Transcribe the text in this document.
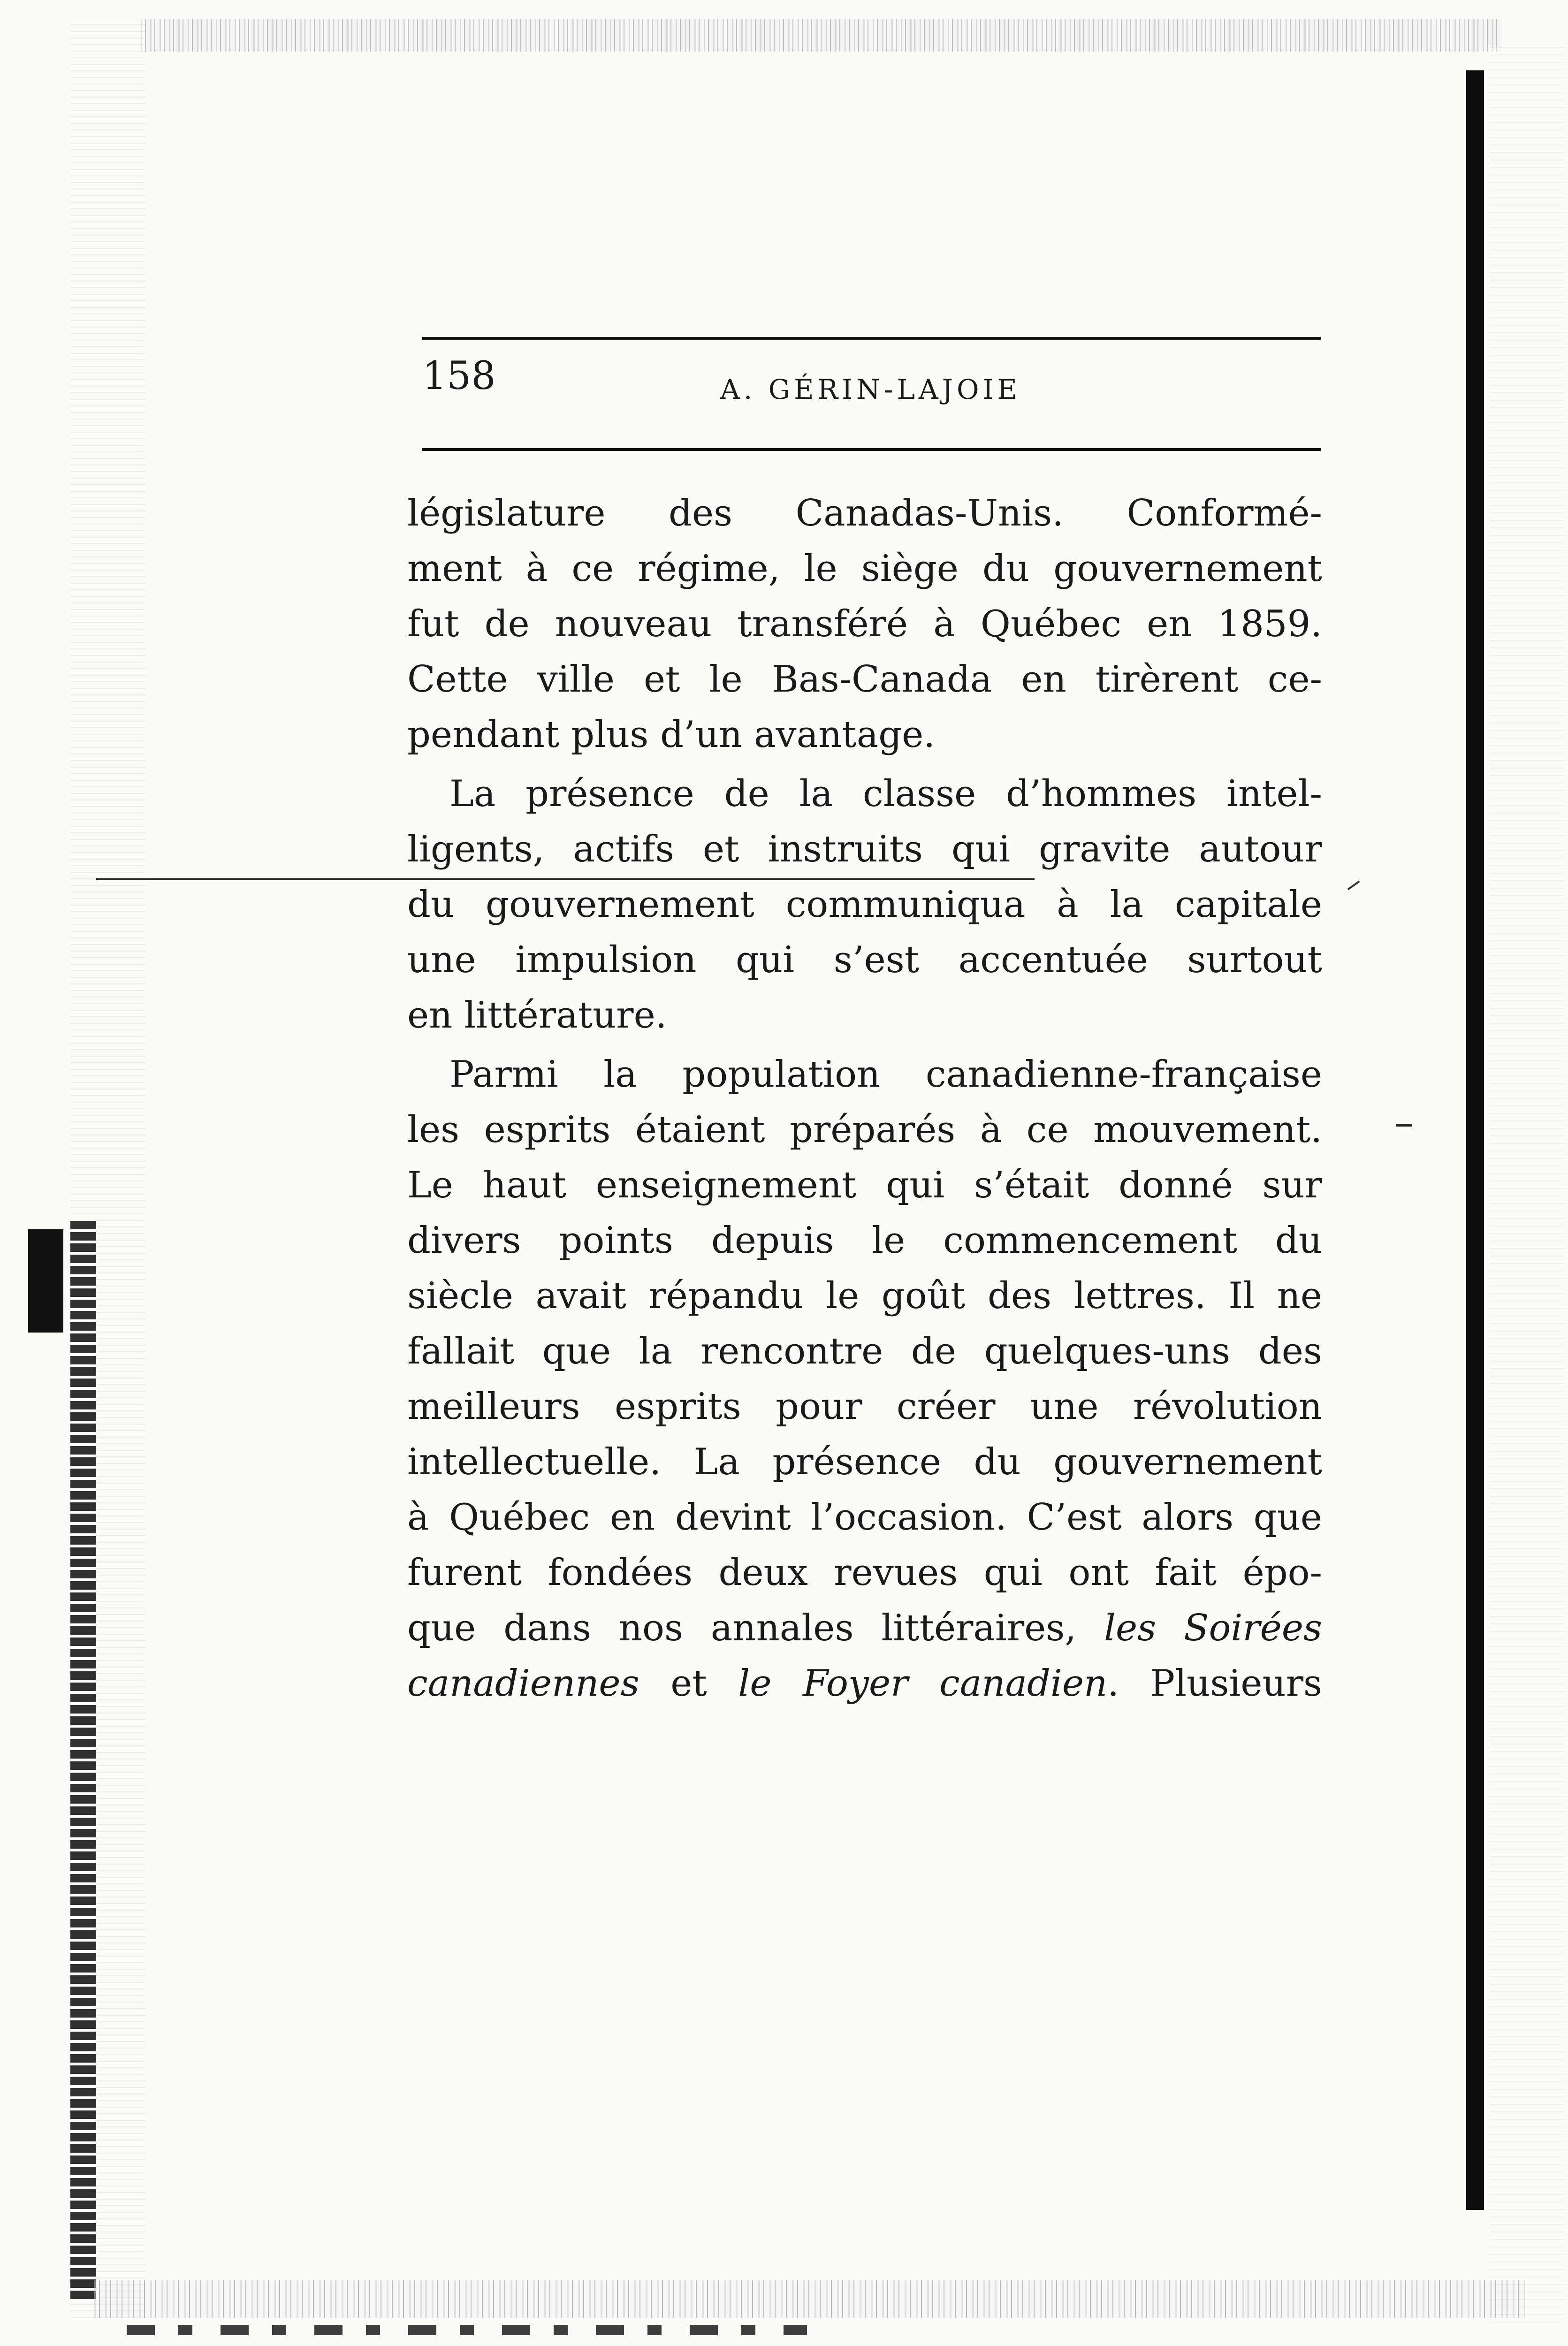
158	A. GÉRIN-LAJOIE
législature des Canadas-Unis. Conformé-
ment à ce régime, le siège du gouvernement
fut de nouveau transféré à Québec en 1859.
Cette ville et le Bas-Canada en tirèrent ce-
pendant plus d’un avantage.
La présence de la classe d’hommes intel-
ligents, actifs et instruits qui gravite autour
du gouvernement communiqua à la capitale
une impulsion qui s’est accentuée surtout
en littérature.
Parmi la population canadienne-française
les esprits étaient préparés à ce mouvement.
Le haut enseignement qui s’était donné sur
divers points depuis le commencement du
siècle avait répandu le goût des lettres. Il ne
fallait que la rencontre de quelques-uns des
meilleurs esprits pour créer une révolution
intellectuelle. La présence du gouvernement
à Québec en devint l’occasion. C’est alors que
furent fondées deux revues qui ont fait épo-
que dans nos annales littéraires, les Soirées
canadiennes et le Foyer canadien. Plusieurs
